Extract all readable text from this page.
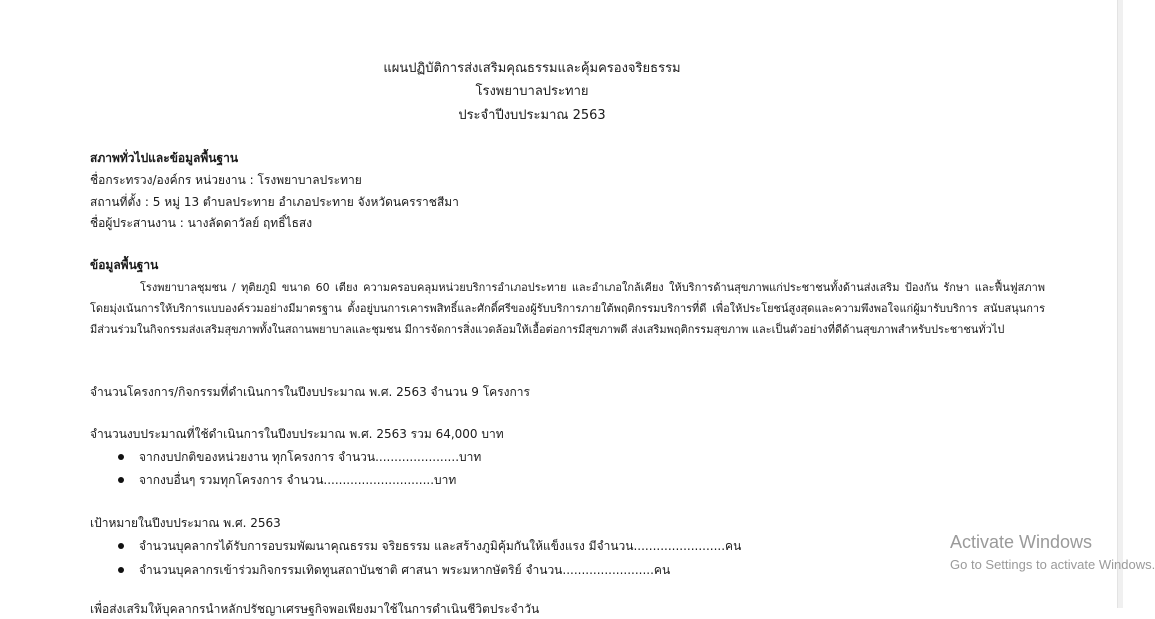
แผนปฏิบัติการส่งเสริมคุณธรรมและคุ้มครองจริยธรรม
โรงพยาบาลประทาย
ประจำปีงบประมาณ 2563
สภาพทั่วไปและข้อมูลพื้นฐาน
ชื่อกระทรวง/องค์กร หน่วยงาน : โรงพยาบาลประทาย
สถานที่ตั้ง : 5 หมู่ 13 ตำบลประทาย อำเภอประทาย จังหวัดนครราชสีมา
ชื่อผู้ประสานงาน : นางลัดดาวัลย์ ฤทธิ์ไธสง
ข้อมูลพื้นฐาน
โรงพยาบาลชุมชน / ทุติยภูมิ ขนาด 60 เตียง ความครอบคลุมหน่วยบริการอำเภอประทาย และอำเภอใกล้เคียง ให้บริการด้านสุขภาพแก่ประชาชนทั้งด้านส่งเสริม ป้องกัน รักษา และฟื้นฟูสภาพ โดยมุ่งเน้นการให้บริการแบบองค์รวมอย่างมีมาตรฐาน ตั้งอยู่บนการเคารพสิทธิ์และศักดิ์ศรีของผู้รับบริการภายใต้พฤติกรรมบริการที่ดี เพื่อให้ประโยชน์สูงสุดและความพึงพอใจแก่ผู้มารับบริการ สนับสนุนการมีส่วนร่วมในกิจกรรมส่งเสริมสุขภาพทั้งในสถานพยาบาลและชุมชน มีการจัดการสิ่งแวดล้อมให้เอื้อต่อการมีสุขภาพดี ส่งเสริมพฤติกรรมสุขภาพ และเป็นตัวอย่างที่ดีด้านสุขภาพสำหรับประชาชนทั่วไป
จำนวนโครงการ/กิจกรรมที่ดำเนินการในปีงบประมาณ พ.ศ. 2563 จำนวน 9 โครงการ
จำนวนงบประมาณที่ใช้ดำเนินการในปีงบประมาณ พ.ศ. 2563 รวม 64,000 บาท
จากงบปกติของหน่วยงาน ทุกโครงการ จำนวน......................บาท
จากงบอื่นๆ รวมทุกโครงการ จำนวน.............................บาท
เป้าหมายในปีงบประมาณ พ.ศ. 2563
จำนวนบุคลากรได้รับการอบรมพัฒนาคุณธรรม จริยธรรม และสร้างภูมิคุ้มกันให้แข็งแรง มีจำนวน........................คน
จำนวนบุคลากรเข้าร่วมกิจกรรมเทิดทูนสถาบันชาติ ศาสนา พระมหากษัตริย์ จำนวน........................คน
เพื่อส่งเสริมให้บุคลากรนำหลักปรัชญาเศรษฐกิจพอเพียงมาใช้ในการดำเนินชีวิตประจำวัน
Activate Windows
Go to Settings to activate Windows.
